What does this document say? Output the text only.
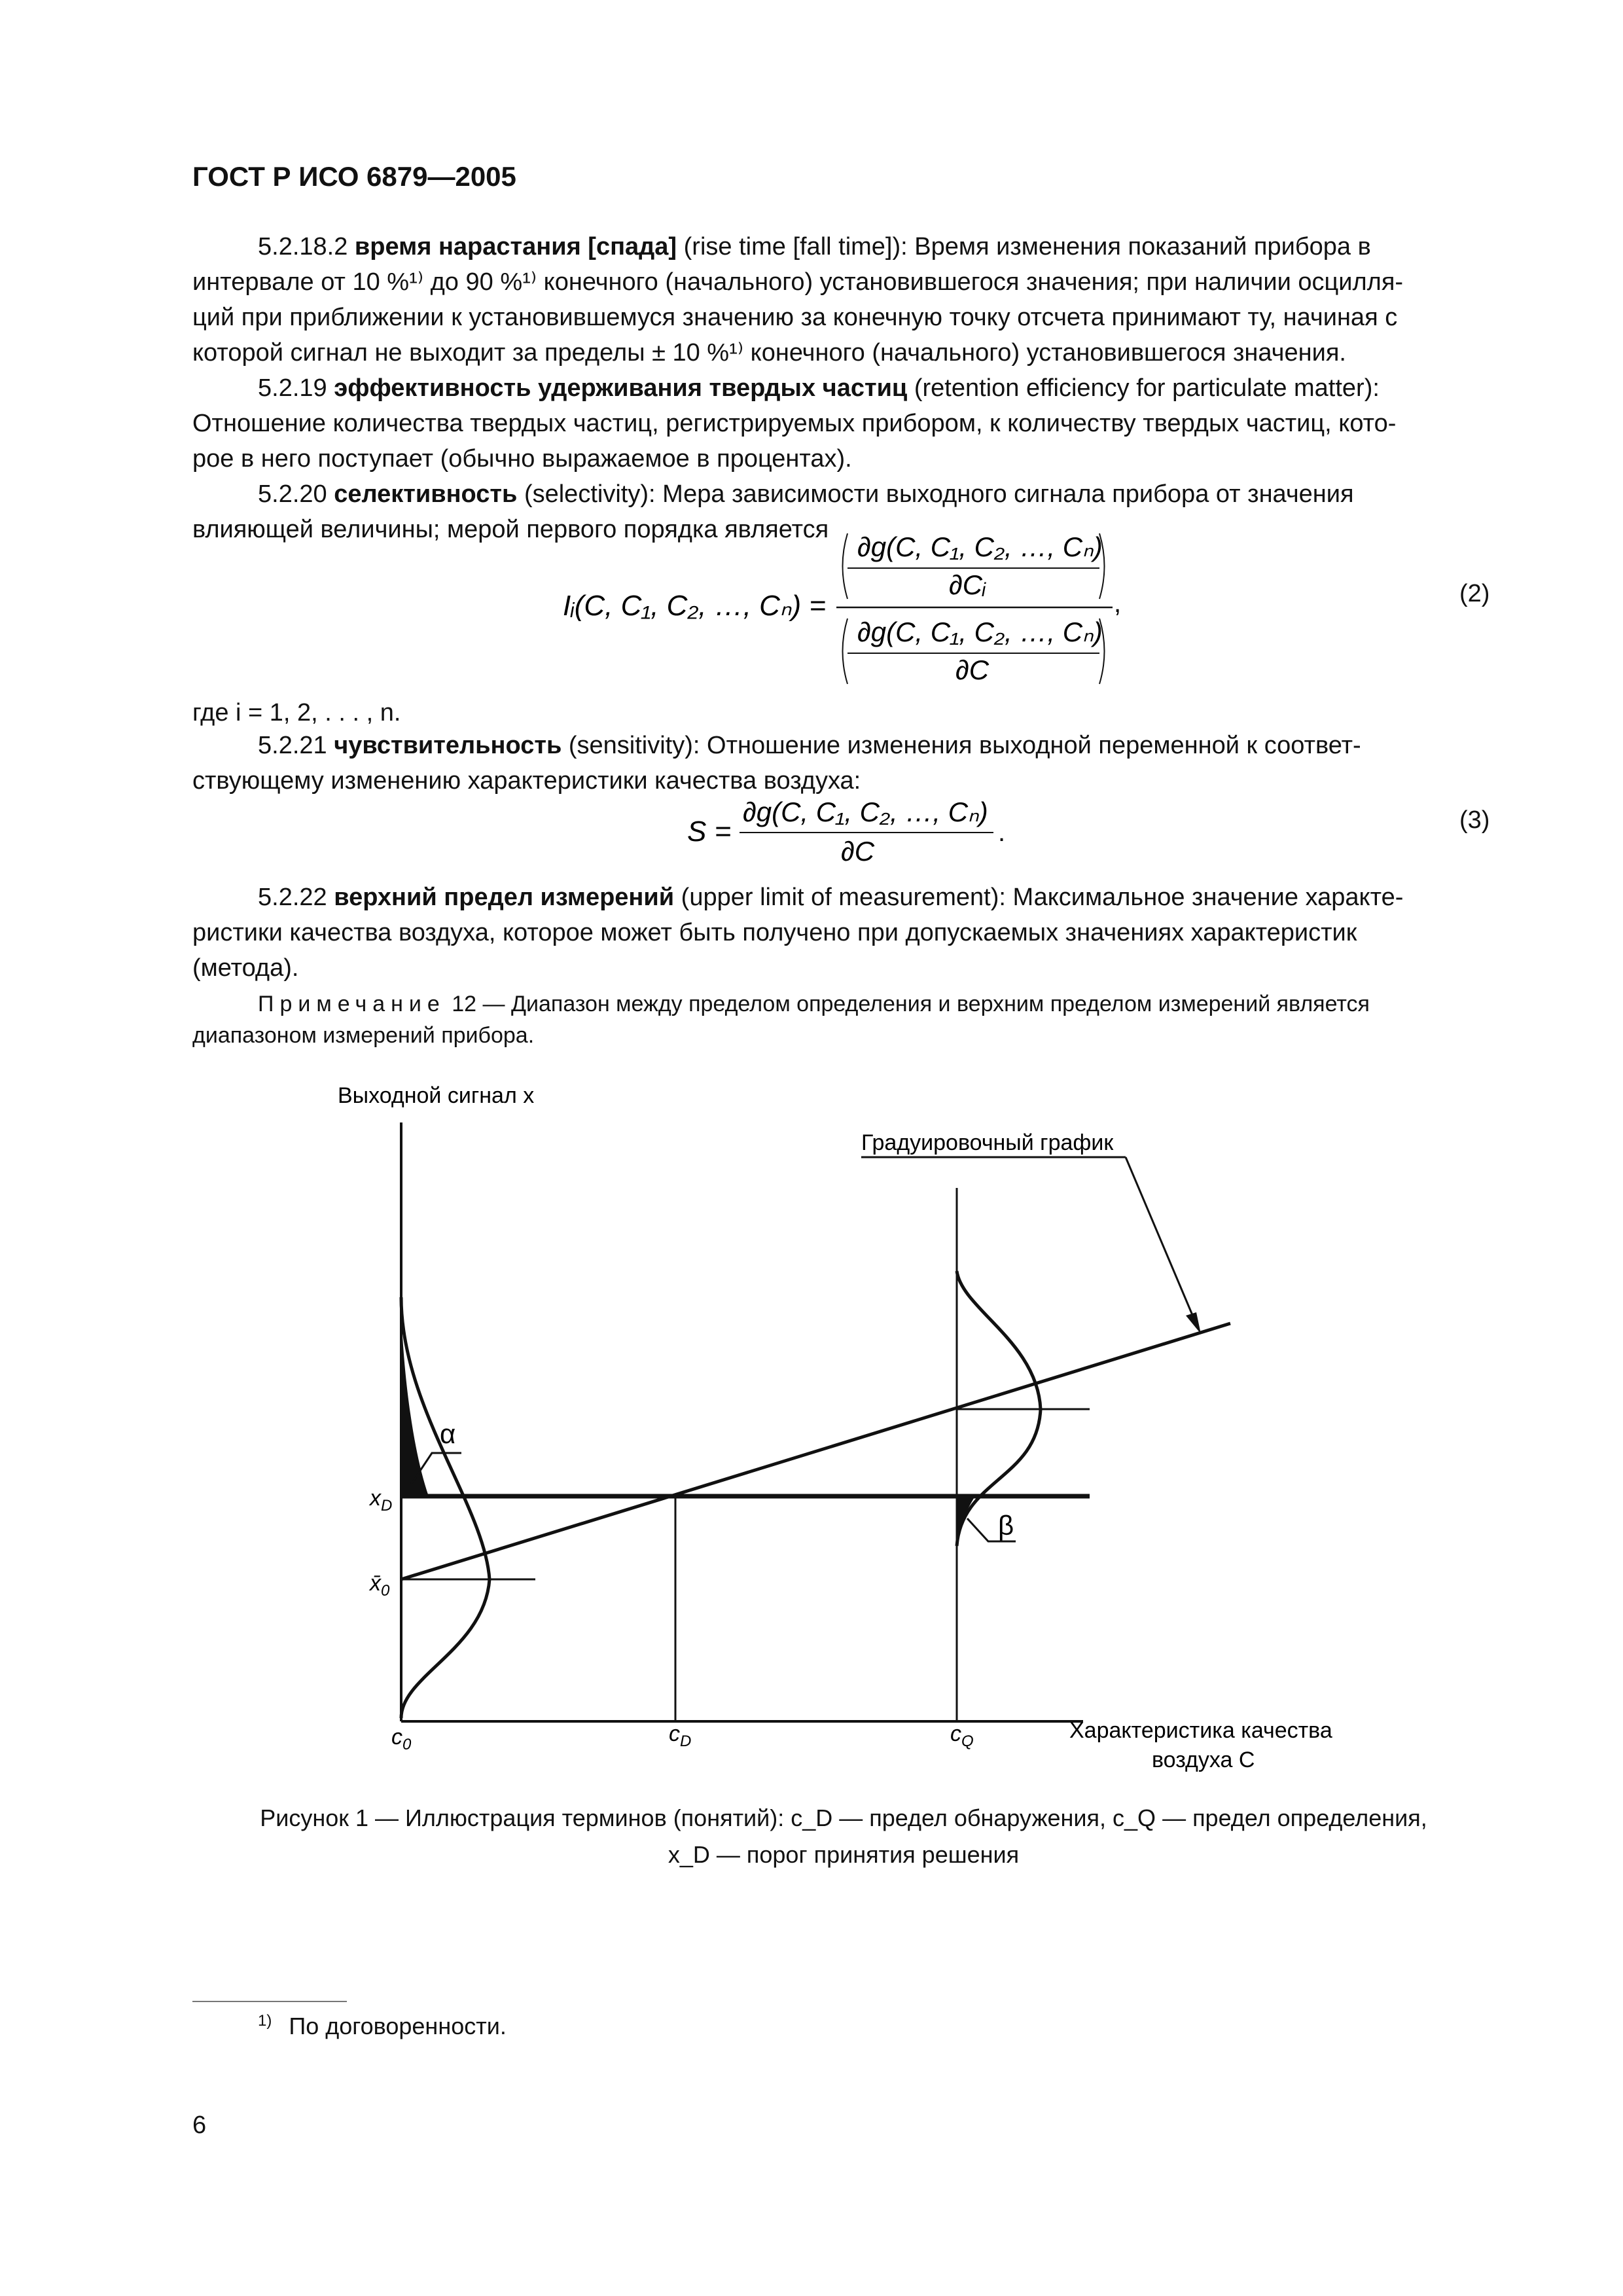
ГОСТ Р ИСО 6879—2005
5.2.18.2 время нарастания [спада] (rise time [fall time]): Время изменения показаний прибора в
интервале от 10 %¹⁾ до 90 %¹⁾ конечного (начального) установившегося значения; при наличии осцилля-
ций при приближении к установившемуся значению за конечную точку отсчета принимают ту, начиная с
которой сигнал не выходит за пределы ± 10 %¹⁾ конечного (начального) установившегося значения.
5.2.19 эффективность удерживания твердых частиц (retention efficiency for particulate matter):
Отношение количества твердых частиц, регистрируемых прибором, к количеству твердых частиц, кото-
рое в него поступает (обычно выражаемое в процентах).
5.2.20 селективность (selectivity): Мера зависимости выходного сигнала прибора от значения
влияющей величины; мерой первого порядка является
Iᵢ(C, C₁, C₂, …, Cₙ) =
∂g(C, C₁, C₂, …, Cₙ)
∂Cᵢ
,
∂g(C, C₁, C₂, …, Cₙ)
∂C
(2)
где i = 1, 2, . . . , n.
5.2.21 чувствительность (sensitivity): Отношение изменения выходной переменной к соответ-
ствующему изменению характеристики качества воздуха:
S =
∂g(C, C₁, C₂, …, Cₙ)
∂C
.	(3)
5.2.22 верхний предел измерений (upper limit of measurement): Максимальное значение характе-
ристики качества воздуха, которое может быть получено при допускаемых значениях характеристик
(метода).
Примечание 12 — Диапазон между пределом определения и верхним пределом измерений является
диапазоном измерений прибора.
Выходной сигнал x
α
β
Градуировочный график
$x_D$
$x̄_0$
$c_0$	$c_D$	$c_Q$	Характеристика качества
воздуха C
Рисунок 1 — Иллюстрация терминов (понятий): c_D — предел обнаружения, c_Q — предел определения,
x_D — порог принятия решения
$^{1)}$ По договоренности.
6
